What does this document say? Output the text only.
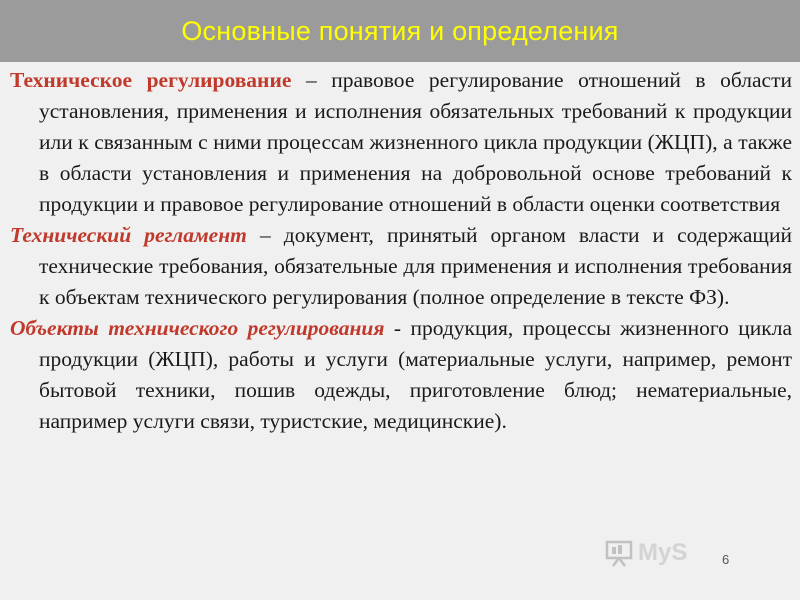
Основные понятия и определения

Техническое регулирование – правовое регулирование отношений в области установления, применения и исполнения обязательных требований к продукции или к связанным с ними процессам жизненного цикла продукции (ЖЦП), а также в области установления и применения на добровольной основе требований к продукции и правовое регулирование отношений в области оценки соответствия

Технический регламент – документ, принятый органом власти и содержащий технические требования, обязательные для применения и исполнения требования к объектам технического регулирования (полное определение в тексте ФЗ).

Объекты технического регулирования - продукция, процессы жизненного цикла продукции (ЖЦП), работы и услуги (материальные услуги, например, ремонт бытовой техники, пошив одежды, приготовление блюд; нематериальные, например услуги связи, туристские, медицинские).

MyS	6
